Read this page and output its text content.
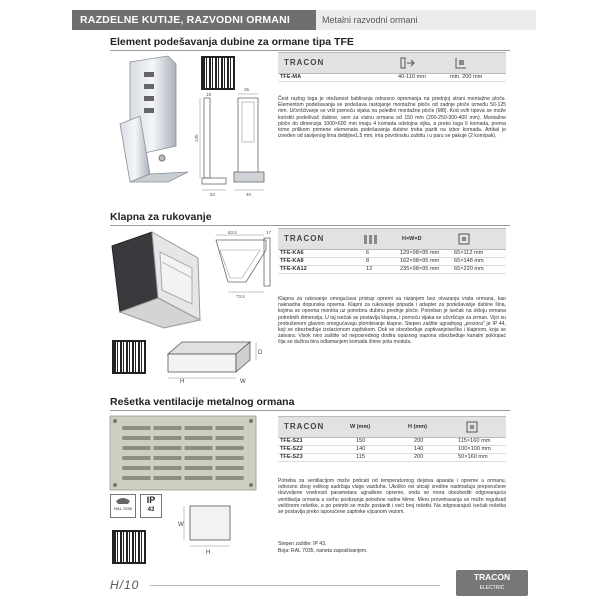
RAZDELNE KUTIJE, RAZVODNI ORMANI	Metalni razvodni ormani
Element podešavanja dubine za ormane tipa TFE
16
35
130
53	40
TRACON
TFE-MA	40-110 mm	min. 200 mm
Čest razlog toga je otežanost kabliranja odnosno opremanja na prednjoj strani montažne ploče. Elementom podešavanja se podešava rastojanje montažne ploče od zadnje ploče između 50-125 mm. Učvršćivanje se vrši pomoću vijaka na poleđini montažne ploče (M8). Kod svih tipova se može koristiti podešivač dubine, sem za visinu ormana od 150 mm (200-250-300-400 mm). Montažne ploče do dimenzija 1000×600 mm imaju 4 komada odstojna vijka, a preko toga 6 komada, prema tome prilikom primene elemenata podešavanja dubine treba paziti na izbor komada. Artikal je izveđen od savijenog lima debljine1,5 mm, ima površinsku zaštitu i u paru se pakuje (2 kom/pak).
Klapna za rukovanje
63.5	17
73.5
H	W
D
TRACON	H×W×D
TFE-KA6	6	129×98×95 mm	65×112 mm
TFE-KA8	8	162×98×95 mm	65×148 mm
TFE-KA12	12	235×98×95 mm	65×220 mm
Klapna za rukovanje omogućava pristup opremi sa nizanjem bez otvaranja vrata ormana, kao naknadna dopunska oprema. Klapni za rukovanje pripada i adapter za podešavanje dubine šina, kojima se oprema montira uz potrebnu dubinu prednje ploče. Potreban je isečak na okloju ormana potrebnih dimenzija. U taj isečak se postavlja klapna, i pomoću vijaka se učvršćuje za orman. Vijci su probušenom glavom omogućavaju plombiranje klapne. Stepen zaštite ugradnjog „prozora" je IP 44, koji se obezbeđuje izolacionom zaptivkom. Dok se obezbeđuje zaptivanjeisečka i klapnom, koja se zatvara. Visok nivo zaštite od neposrednog dodira opasnog napona obezbeđuje kanalni poklopac čija se dužina bira odlamanjem komada širine pola modula.
Rešetka ventilacije metalnog ormana
RAL 7035
IP
43
W
H
TRACON	W (mm)	H (mm)
TFE-SZ1	150	200	115×160 mm
TFE-SZ2	140	140	100×100 mm
TFE-SZ3	115	200	50×160 mm
Potreba za ventilacijom može poticati od temperaturnog dejstva aparata i opreme u ormanu, odnosno zbog velikog sadržaja vlage vazduha. Ukoliko ovi uticaji sredine nadmašuju preporučene dozvoljene vrednosti parametara ugrađene opreme, onda se mora obezbediti odgovarajuća ventilacija ormana u svrhu postizanja potrebne radne klime. Meru provetravanja se može regulisati veličinom rešetke, a po potrebi se može postaviti i veći broj rešetki. Na odgovarajući isečak rešetka se postavlja preko isporučene zaptivke vijcanom vezom.
Stepen zaštite: IP 43.
Boja: RAL 7035, naneta zaprašivanjem.
H/10
TRACON
ELECTRIC
